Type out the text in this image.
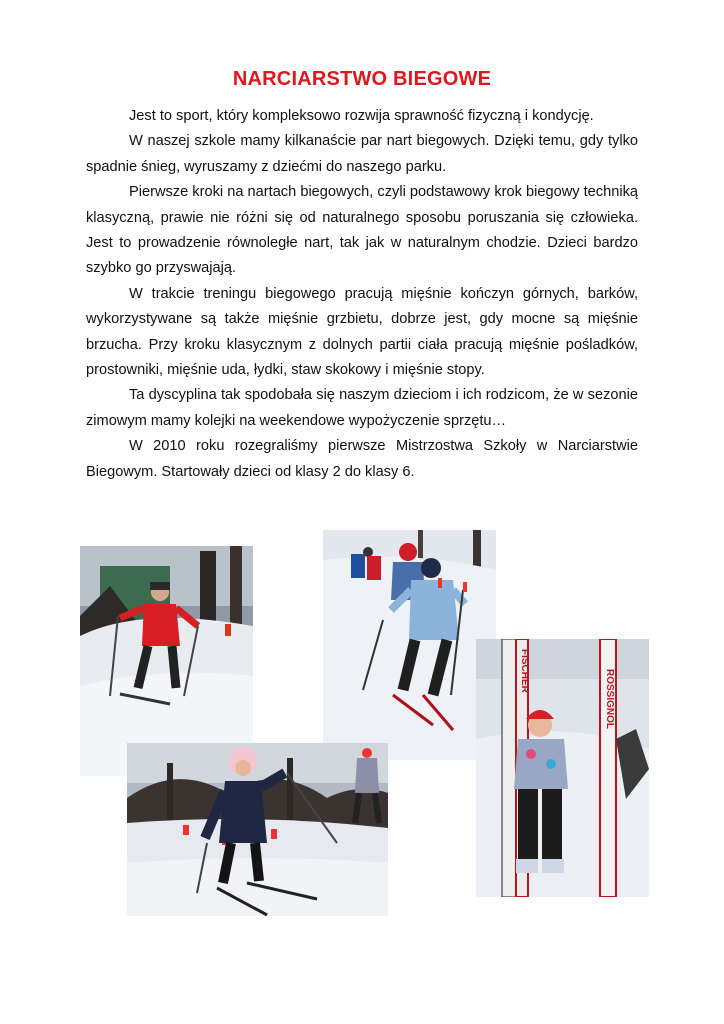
NARCIARSTWO BIEGOWE

Jest to sport, który kompleksowo rozwija sprawność fizyczną i kondycję.

W naszej szkole mamy kilkanaście par nart biegowych. Dzięki temu, gdy tylko spadnie śnieg, wyruszamy z dziećmi do naszego parku.

Pierwsze kroki na nartach biegowych, czyli podstawowy krok biegowy techniką klasyczną, prawie nie różni się od naturalnego sposobu poruszania się człowieka. Jest to prowadzenie równoległe nart, tak jak w naturalnym chodzie. Dzieci bardzo szybko go przyswajają.

W trakcie treningu biegowego pracują mięśnie kończyn górnych, barków, wykorzystywane są także mięśnie grzbietu, dobrze jest, gdy mocne są mięśnie brzucha. Przy kroku klasycznym z dolnych partii ciała pracują mięśnie pośladków, prostowniki, mięśnie uda, łydki, staw skokowy i mięśnie stopy.

Ta dyscyplina tak spodobała się naszym dzieciom i ich rodzicom, że w sezonie zimowym mamy kolejki na weekendowe wypożyczenie sprzętu…

W 2010 roku rozegraliśmy pierwsze Mistrzostwa Szkoły w Narciarstwie Biegowym. Startowały dzieci od klasy 2 do klasy 6.

FISCHER	ROSSIGNOL
